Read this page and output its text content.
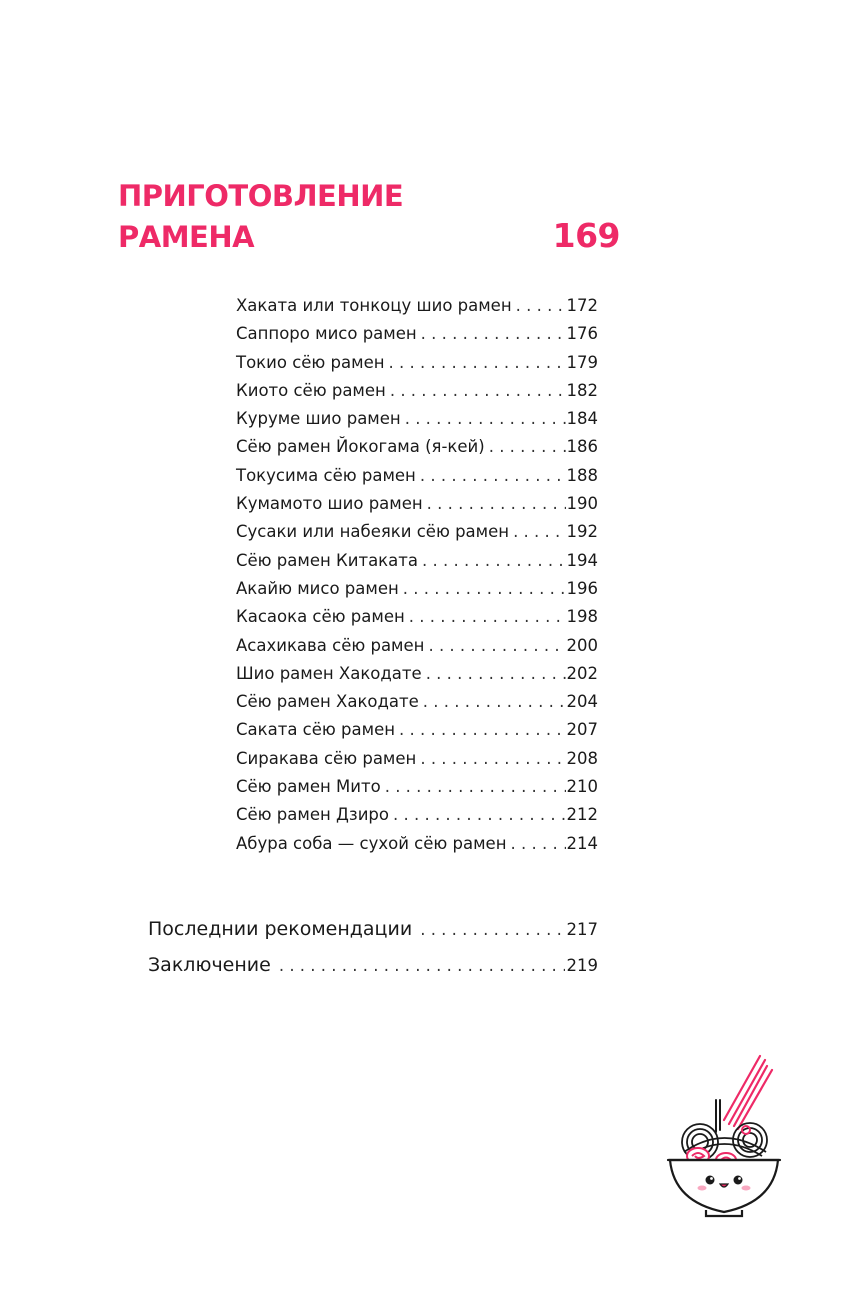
ПРИГОТОВЛЕНИЕ
РАМЕНА	169
Хаката или тонкоцу шио рамен . . .	172
Саппоро мисо рамен . . .	176
Токио сёю рамен . . .	179
Киото сёю рамен . . .	182
Куруме шио рамен . . .	184
Сёю рамен Йокогама (я-кей) . . .	186
Токусима сёю рамен . . .	188
Кумамото шио рамен . . .	190
Сусаки или набеяки сёю рамен . . .	192
Сёю рамен Китаката . . .	194
Акайю мисо рамен . . .	196
Касаока сёю рамен . . .	198
Асахикава сёю рамен . . .	200
Шио рамен Хакодате . . .	202
Сёю рамен Хакодате . . .	204
Саката сёю рамен . . .	207
Сиракава сёю рамен . . .	208
Сёю рамен Мито . . .	210
Сёю рамен Дзиро . . .	212
Абура соба — сухой сёю рамен . . .	214
Последнии рекомендации . . .	217
Заключение . . .	219
